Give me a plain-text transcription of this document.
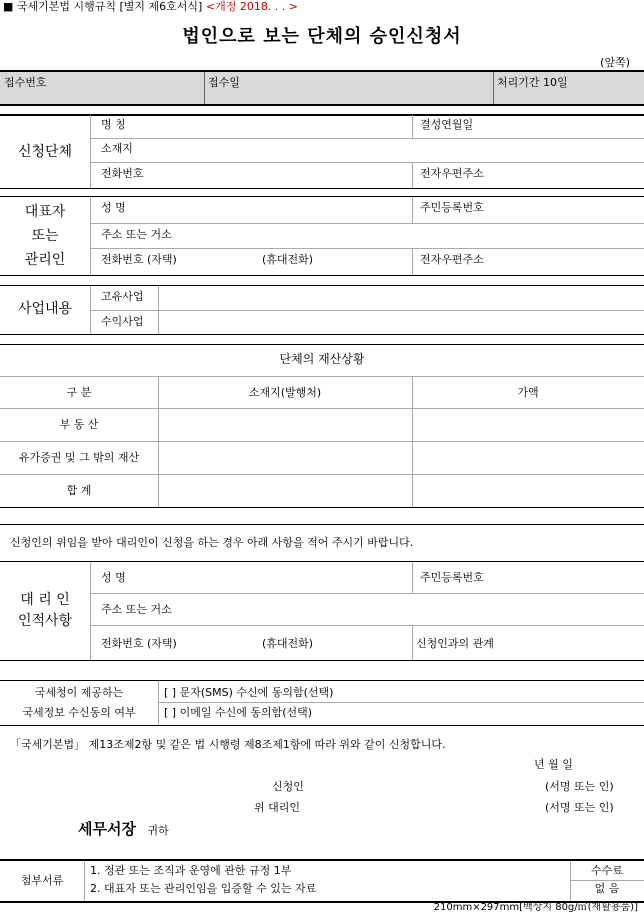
■ 국세기본법 시행규칙 [별지 제6호서식] <개정 2018. . . >
법인으로 보는 단체의 승인신청서
(앞쪽)
접수번호	접수일	처리기간 10일
신청단체
명 칭	결성연월일
소재지
전화번호	전자우편주소
대표자
또는
관리인
성 명	주민등록번호
주소 또는 거소
전화번호 (자택)	(휴대전화)	전자우편주소
사업내용
고유사업
수익사업
단체의 재산상황
구 분	소재지(발행처)	가액
부 동 산
유가증권 및 그 밖의 재산
합 계
신청인의 위임을 받아 대리인이 신청을 하는 경우 아래 사항을 적어 주시기 바랍니다.
대 리 인
인적사항
성 명	주민등록번호
주소 또는 거소
전화번호 (자택)	(휴대전화)	신청인과의 관계
국세청이 제공하는
국세정보 수신동의 여부
[ ] 문자(SMS) 수신에 동의함(선택)
[ ] 이메일 수신에 동의함(선택)
「국세기본법」 제13조제2항 및 같은 법 시행령 제8조제1항에 따라 위와 같이 신청합니다.
년 월 일
신청인	(서명 또는 인)
위 대리인	(서명 또는 인)
세무서장 귀하
첨부서류
1. 정관 또는 조직과 운영에 관한 규정 1부
2. 대표자 또는 관리인임을 입증할 수 있는 자료
수수료
없 음
210mm×297mm[백상지 80g/㎡(재활용품)]
